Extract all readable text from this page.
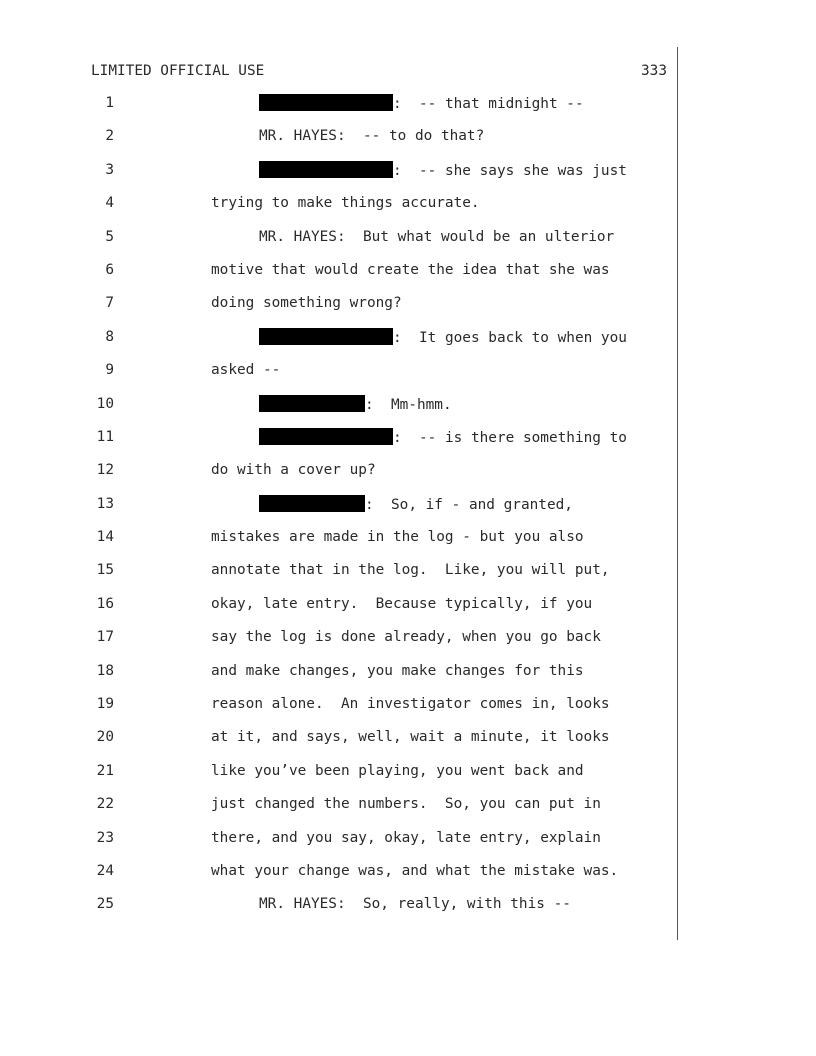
LIMITED OFFICIAL USE	333
1	:  -- that midnight --
2	MR. HAYES:  -- to do that?
3	:  -- she says she was just
4	trying to make things accurate.
5	MR. HAYES:  But what would be an ulterior
6	motive that would create the idea that she was
7	doing something wrong?
8	:  It goes back to when you
9	asked --
10	:  Mm-hmm.
11	:  -- is there something to
12	do with a cover up?
13	:  So, if - and granted,
14	mistakes are made in the log - but you also
15	annotate that in the log.  Like, you will put,
16	okay, late entry.  Because typically, if you
17	say the log is done already, when you go back
18	and make changes, you make changes for this
19	reason alone.  An investigator comes in, looks
20	at it, and says, well, wait a minute, it looks
21	like you’ve been playing, you went back and
22	just changed the numbers.  So, you can put in
23	there, and you say, okay, late entry, explain
24	what your change was, and what the mistake was.
25	MR. HAYES:  So, really, with this --
